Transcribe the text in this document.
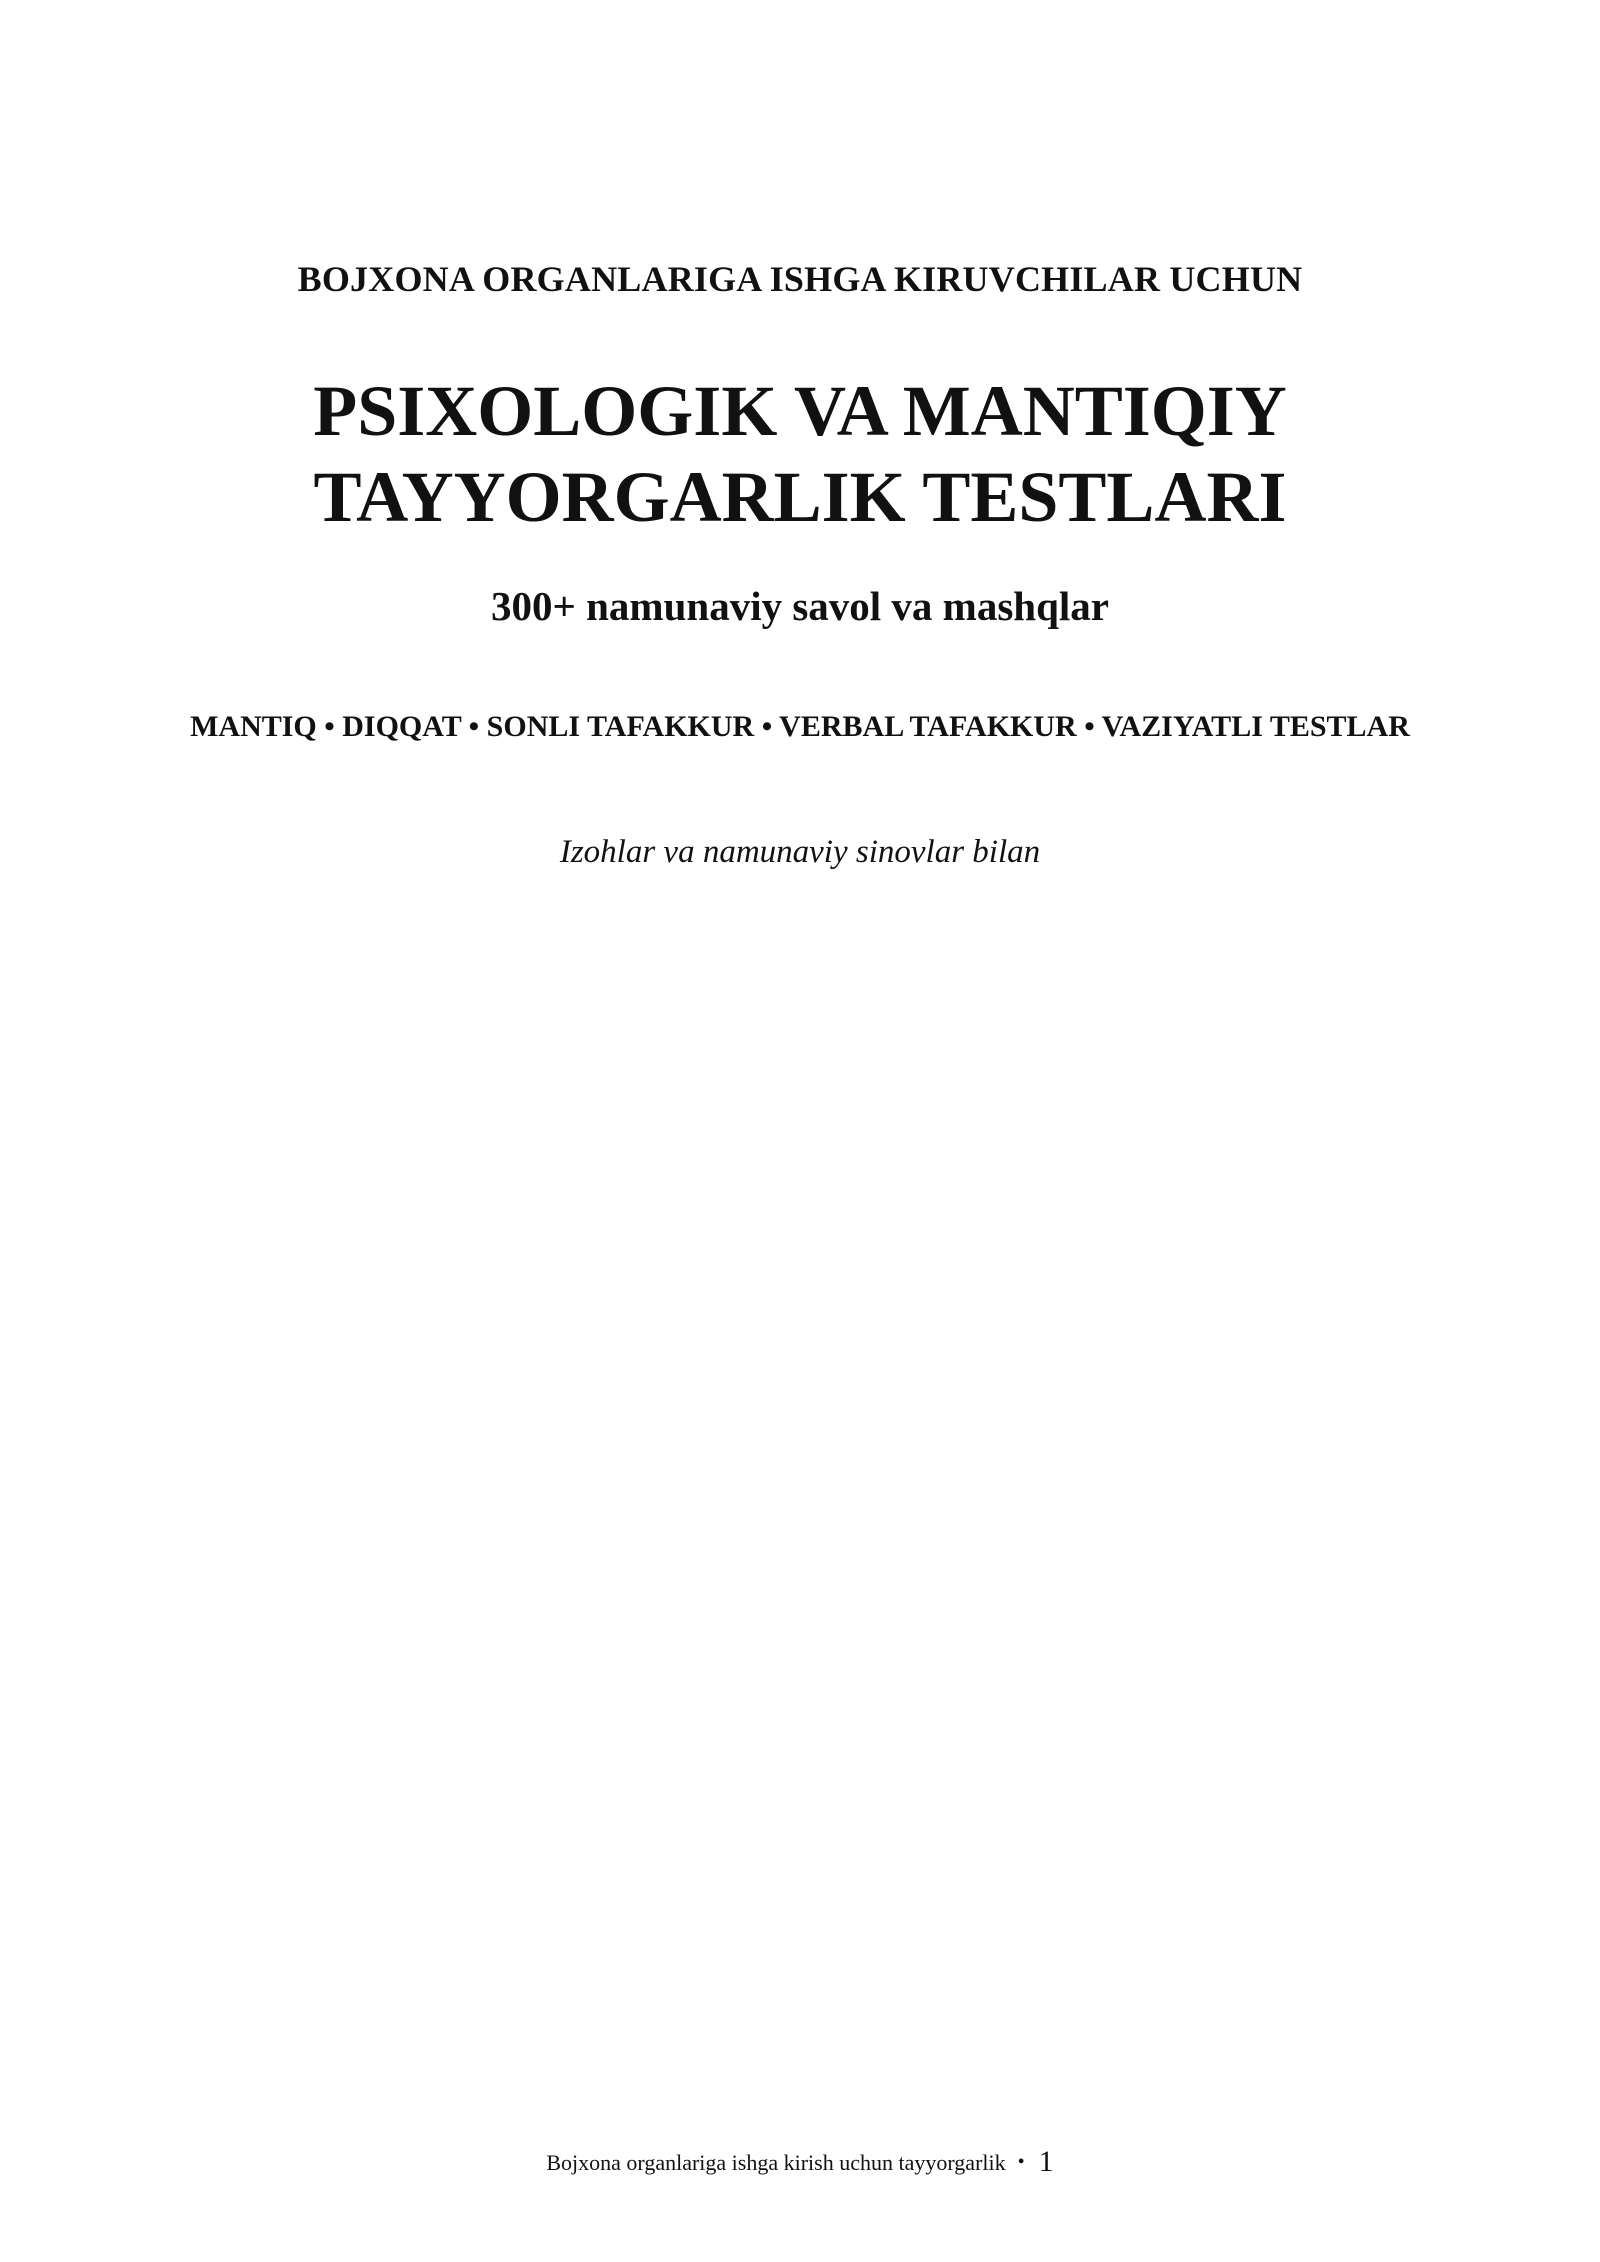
BOJXONA ORGANLARIGA ISHGA KIRUVCHILAR UCHUN
PSIXOLOGIK VA MANTIQIY
TAYYORGARLIK TESTLARI
300+ namunaviy savol va mashqlar
MANTIQ • DIQQAT • SONLI TAFAKKUR • VERBAL TAFAKKUR • VAZIYATLI TESTLAR
Izohlar va namunaviy sinovlar bilan
Bojxona organlariga ishga kirish uchun tayyorgarlik • 1
